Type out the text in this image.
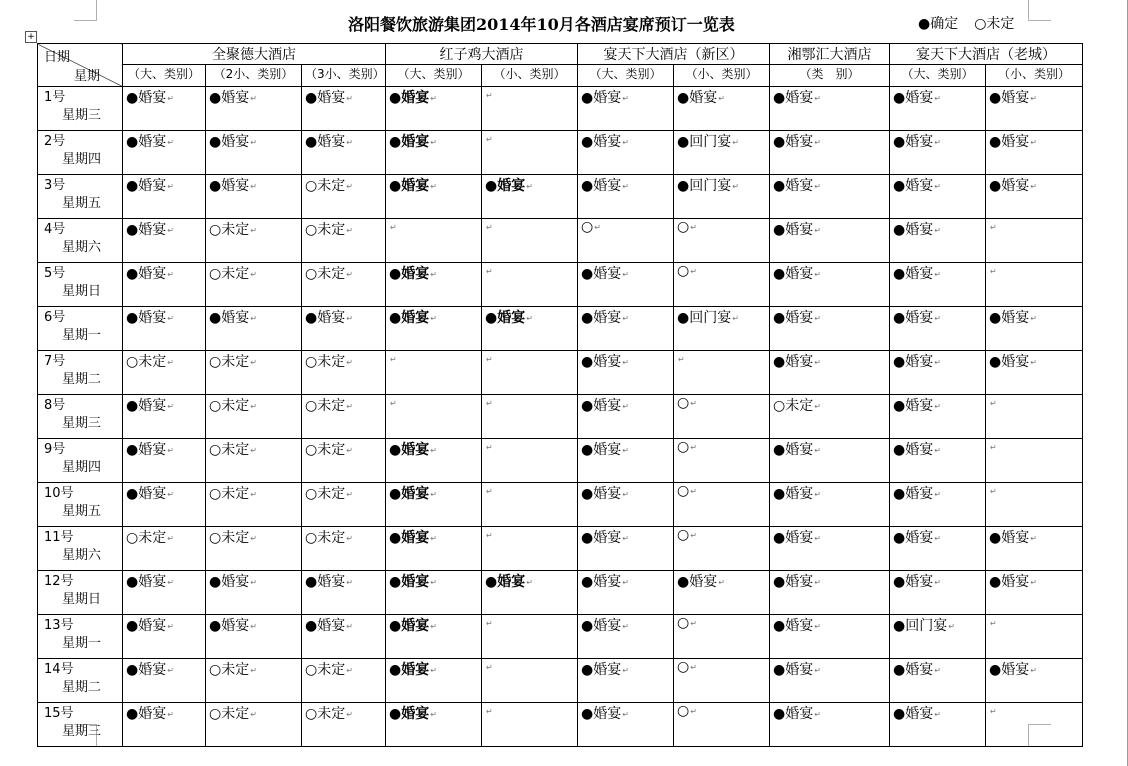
洛阳餐饮旅游集团2014年10月各酒店宴席预订一览表	●确定 ○未定
+
日期
星期	全聚德大酒店			红子鸡大酒店		宴天下大酒店（新区）		湘鄂汇大酒店	宴天下大酒店（老城）	
	（大、类别）	（2小、类别）	（3小、类别）	（大、类别）	（小、类别）	（大、类别）	（小、类别）	（类　别）	（大、类别）	（小、类别）
1号
星期三	●婚宴↵	●婚宴↵	●婚宴↵	●婚宴↵	↵	●婚宴↵	●婚宴↵	●婚宴↵	●婚宴↵	●婚宴↵
2号
星期四	●婚宴↵	●婚宴↵	●婚宴↵	●婚宴↵	↵	●婚宴↵	●回门宴↵	●婚宴↵	●婚宴↵	●婚宴↵
3号
星期五	●婚宴↵	●婚宴↵	○未定↵	●婚宴↵	●婚宴↵	●婚宴↵	●回门宴↵	●婚宴↵	●婚宴↵	●婚宴↵
4号
星期六	●婚宴↵	○未定↵	○未定↵	↵	↵	○↵	○↵	●婚宴↵	●婚宴↵	↵
5号
星期日	●婚宴↵	○未定↵	○未定↵	●婚宴↵	↵	●婚宴↵	○↵	●婚宴↵	●婚宴↵	↵
6号
星期一	●婚宴↵	●婚宴↵	●婚宴↵	●婚宴↵	●婚宴↵	●婚宴↵	●回门宴↵	●婚宴↵	●婚宴↵	●婚宴↵
7号
星期二	○未定↵	○未定↵	○未定↵	↵	↵	●婚宴↵	↵	●婚宴↵	●婚宴↵	●婚宴↵
8号
星期三	●婚宴↵	○未定↵	○未定↵	↵	↵	●婚宴↵	○↵	○未定↵	●婚宴↵	↵
9号
星期四	●婚宴↵	○未定↵	○未定↵	●婚宴↵	↵	●婚宴↵	○↵	●婚宴↵	●婚宴↵	↵
10号
星期五	●婚宴↵	○未定↵	○未定↵	●婚宴↵	↵	●婚宴↵	○↵	●婚宴↵	●婚宴↵	↵
11号
星期六	○未定↵	○未定↵	○未定↵	●婚宴↵	↵	●婚宴↵	○↵	●婚宴↵	●婚宴↵	●婚宴↵
12号
星期日	●婚宴↵	●婚宴↵	●婚宴↵	●婚宴↵	●婚宴↵	●婚宴↵	●婚宴↵	●婚宴↵	●婚宴↵	●婚宴↵
13号
星期一	●婚宴↵	●婚宴↵	●婚宴↵	●婚宴↵	↵	●婚宴↵	○↵	●婚宴↵	●回门宴↵	↵
14号
星期二	●婚宴↵	○未定↵	○未定↵	●婚宴↵	↵	●婚宴↵	○↵	●婚宴↵	●婚宴↵	●婚宴↵
15号
星期三	●婚宴↵	○未定↵	○未定↵	●婚宴↵	↵	●婚宴↵	○↵	●婚宴↵	●婚宴↵	↵
